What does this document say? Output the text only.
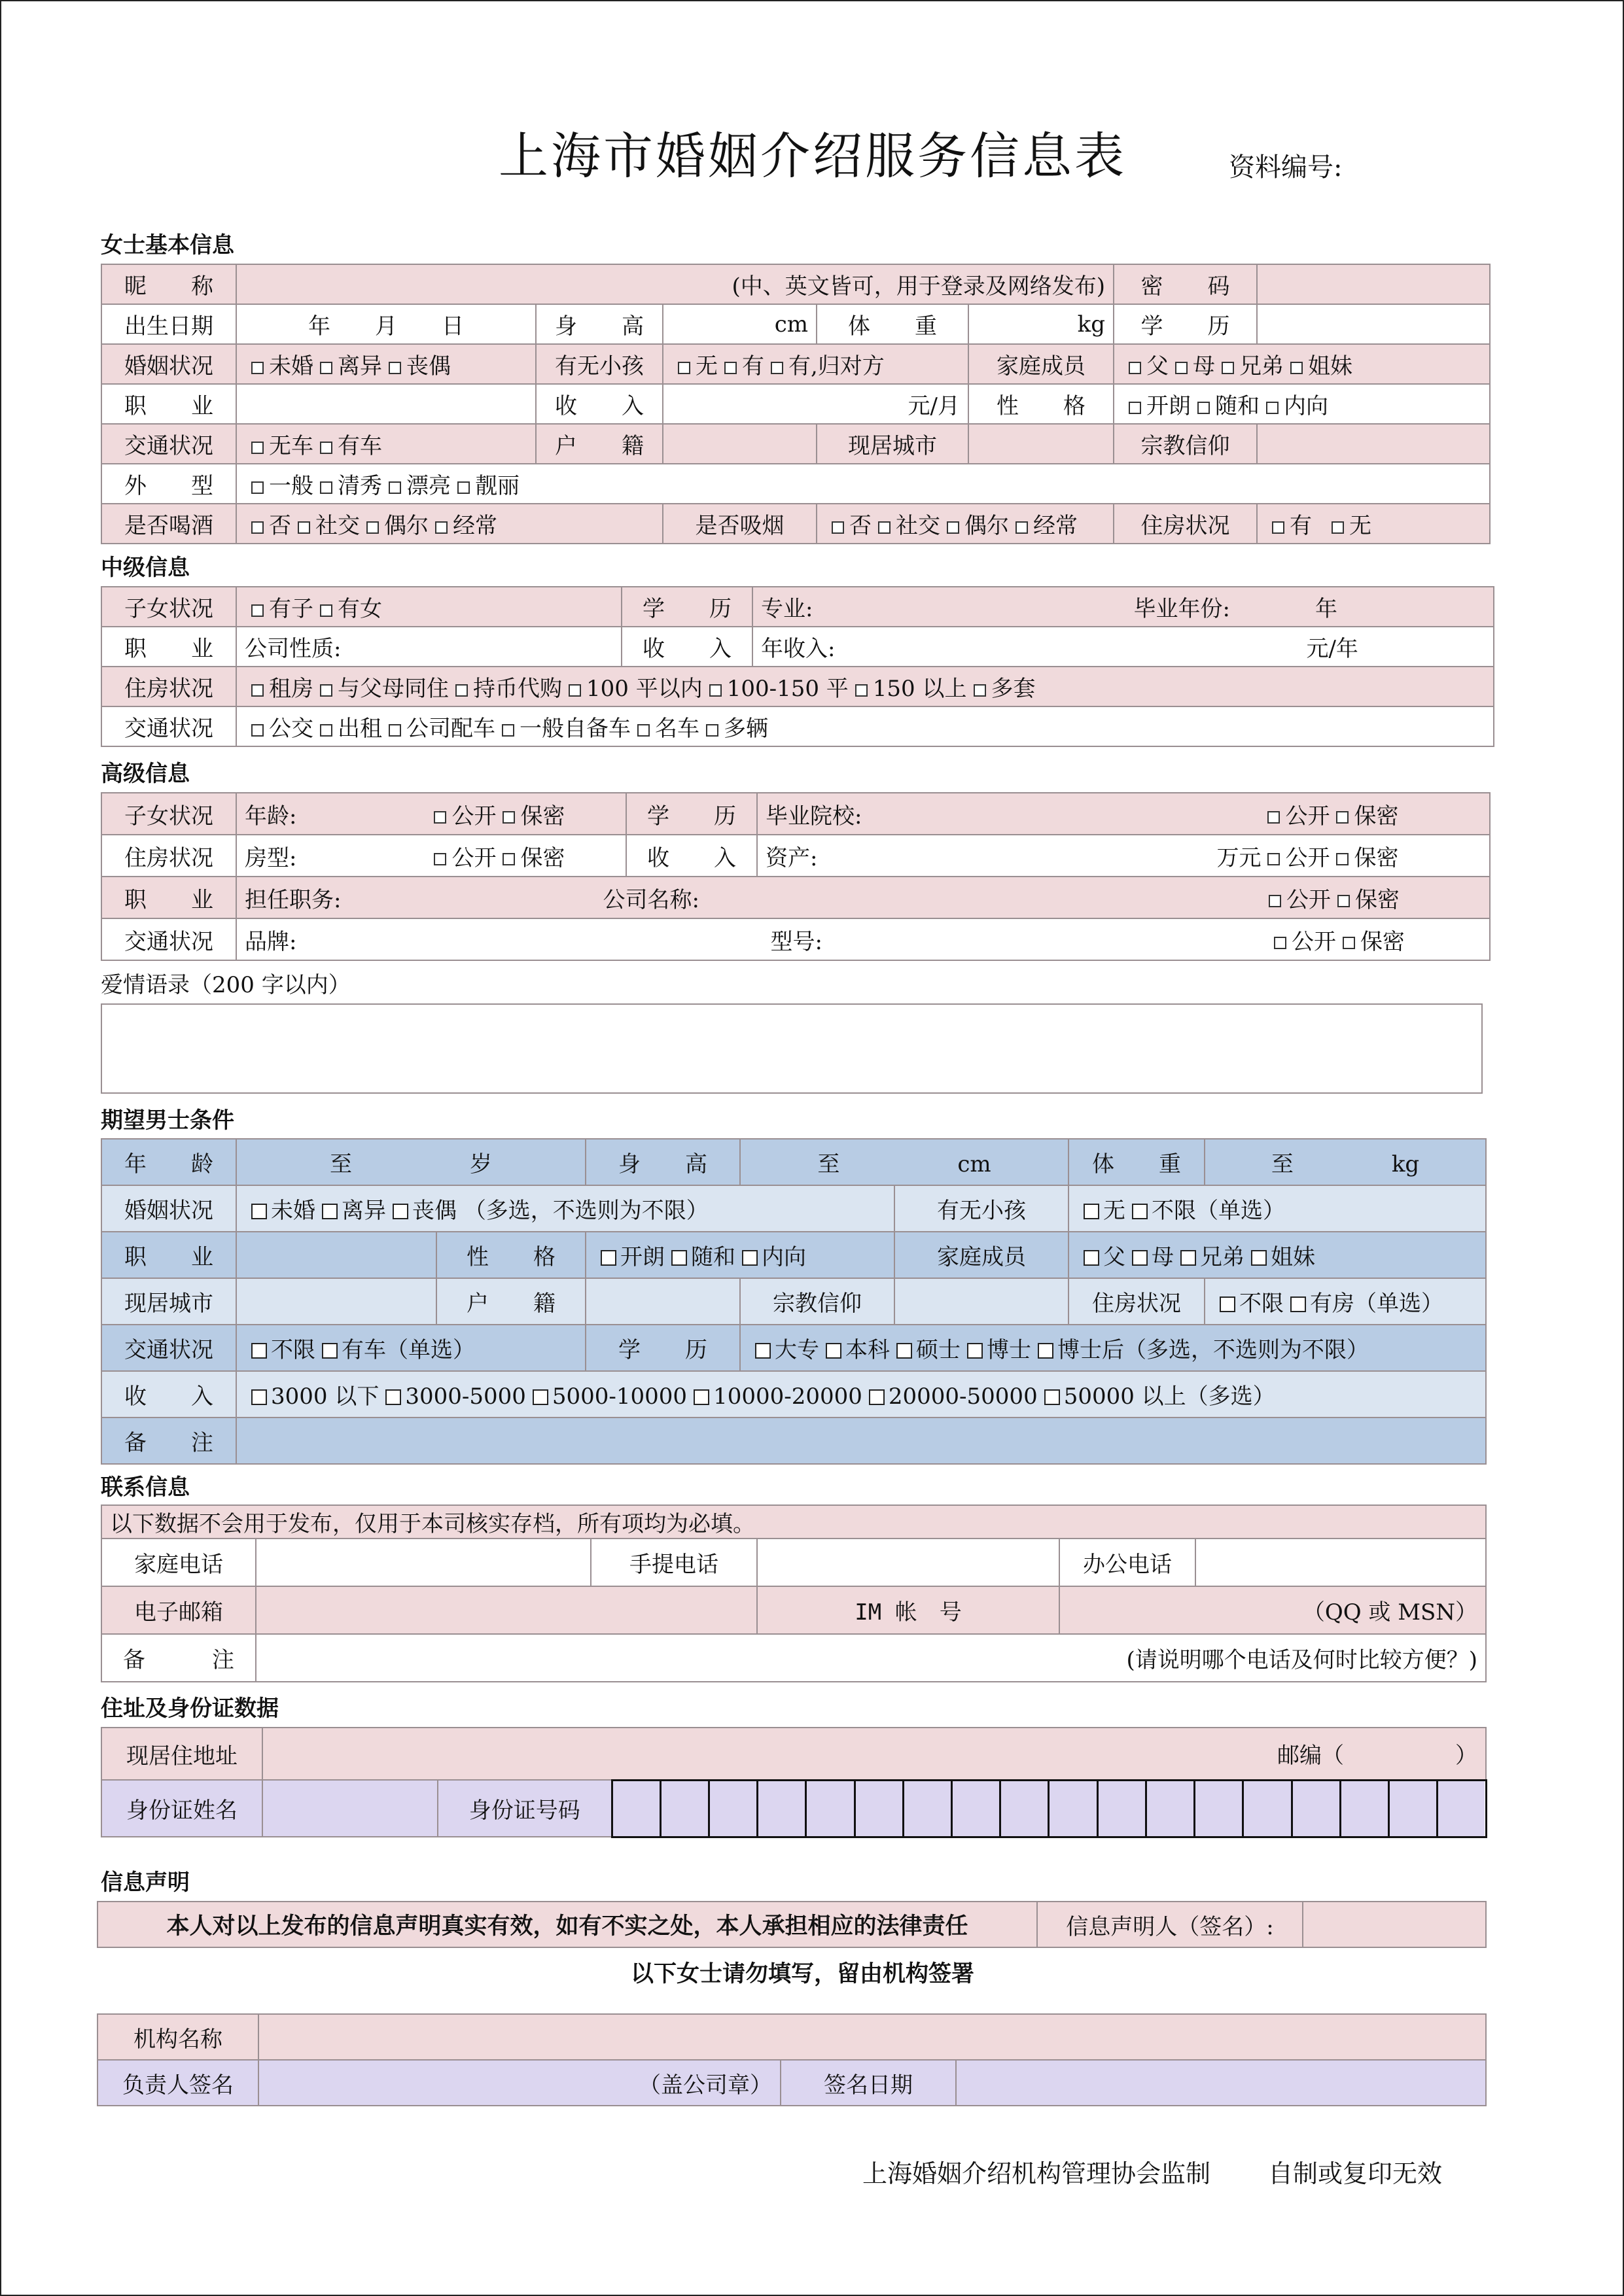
上海市婚姻介绍服务信息表	资料编号:
女士基本信息
昵　　称	(中、英文皆可，用于登录及网络发布)					密　　码	
出生日期	年　　月　　日	身　　高	cm	体　　重	kg	学　　历	
婚姻状况	未婚 离异 丧偶	有无小孩	无 有 有,归对方		家庭成员	父 母 兄弟 姐妹	
职　　业		收　　入	元/月		性　　格	开朗 随和 内向	
交通状况	无车 有车	户　　籍		现居城市		宗教信仰	
外　　型	一般 清秀 漂亮 靓丽						
是否喝酒	否 社交 偶尔 经常		是否吸烟	否 社交 偶尔 经常		住房状况	有 无
中级信息
子女状况	有子 有女	学　　历	专业: 毕业年份: 年
职　　业	公司性质:	收　　入	年收入: 元/年
住房状况	租房 与父母同住 持币代购 100 平以内 100-150 平 150 以上 多套		
交通状况	公交 出租 公司配车 一般自备车 名车 多辆		
高级信息
子女状况	年龄: 公开 保密	学　　历	毕业院校: 公开 保密
住房状况	房型: 公开 保密	收　　入	资产: 万元 公开 保密
职　　业	担任职务: 公司名称: 公开 保密		
交通状况	品牌: 型号: 公开 保密		
爱情语录（200 字以内）
期望男士条件
年　　龄	至 岁		身　　高	至 cm		体　　重	至 kg
婚姻状况	未婚 离异 丧偶 （多选，不选则为不限）				有无小孩	无 不限（单选）	
职　　业		性　　格	开朗 随和 内向		家庭成员	父 母 兄弟 姐妹	
现居城市		户　　籍		宗教信仰		住房状况	不限 有房（单选）
交通状况	不限 有车（单选）		学　　历	大专 本科 硕士 博士 博士后（多选，不选则为不限）			
收　　入	3000 以下 3000-5000 5000-10000 10000-20000 20000-50000 50000 以上（多选）						
备　　注							
联系信息
以下数据不会用于发布，仅用于本司核实存档，所有项均为必填。					
家庭电话		手提电话		办公电话	
电子邮箱			IM 帐　号	（QQ 或 MSN）	
备　　　注	(请说明哪个电话及何时比较方便？)				
住址及身份证数据
现居住地址	邮编（　　　　　）		
身份证姓名		身份证号码	
信息声明
本人对以上发布的信息声明真实有效，如有不实之处，本人承担相应的法律责任	信息声明人（签名）:	
以下女士请勿填写，留由机构签署
机构名称			
负责人签名	（盖公司章）	签名日期	
上海婚姻介绍机构管理协会监制 自制或复印无效
